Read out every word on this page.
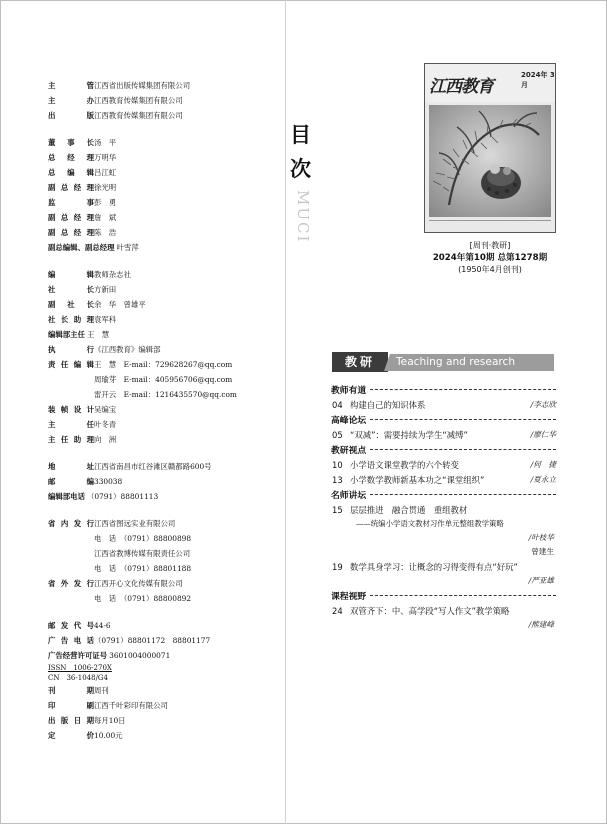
主　管 江西省出版传媒集团有限公司
主　办 江西教育传媒集团有限公司
出　版 江西教育传媒集团有限公司
董事长 汤　平
总经理 万明华
总编辑 吕江虹
副总经理 徐光明
监　事 彭　勇
副总经理 詹　斌
副总经理 陈　浩
副总编辑、副总经理 叶雪萍
编　辑 教师杂志社
社　长 方新田
副社长 余　华　曾雄平
社长助理 袁军科
编辑部主任 王　慧
执　行 《江西教育》编辑部
责任编辑 王　慧　E-mail：729628267@qq.com
周瑜芽　E-mail：405956706@qq.com
雷开云　E-mail：1216435570@qq.com
装帧设计 吴编宝
主　任 叶冬青
主任助理 向　洲
地　址 江西省南昌市红谷滩区赣都路600号
邮　编 330038
编辑部电话 （0791）88801113
省内发行 江西省图远实业有限公司
电　话　（0791）88800898
江西省教博传媒有限责任公司
电　话　（0791）88801188
省外发行 江西开心文化传媒有限公司
电　话　（0791）88800892
邮发代号 44-6
广告电话 （0791）88801172　88801177
广告经营许可证号 3601004000071
ISSN　1006-270X
CN　36-1048/G4
刊　期 周刊
印　刷 江西千叶彩印有限公司
出版日期 每月10日
定　价 10.00元
目
次
MUCI
江西教育
2024年 3月
[周刊·教研]
2024年第10期 总第1278期
(1950年4月创刊)
教研	Teaching and research
教师有道
04 构建自己的知识体系	/李志欣
高峰论坛
05 “双减”：需要持续为学生“减缚”	/廖仁华
教研视点
10 小学语文课堂教学的六个转变	/何　捷
13 小学数学教师新基本功之“课堂组织”	/夏永立
名师讲坛
15 层层推进　融合贯通　重组教材
——统编小学语文教材习作单元整组教学策略
/叶枝华
曾建生
19 数学具身学习：让概念的习得变得有点“好玩”
/严亚雄
课程视野
24 双管齐下：中、高学段“写人作文”教学策略
/熊建峰
